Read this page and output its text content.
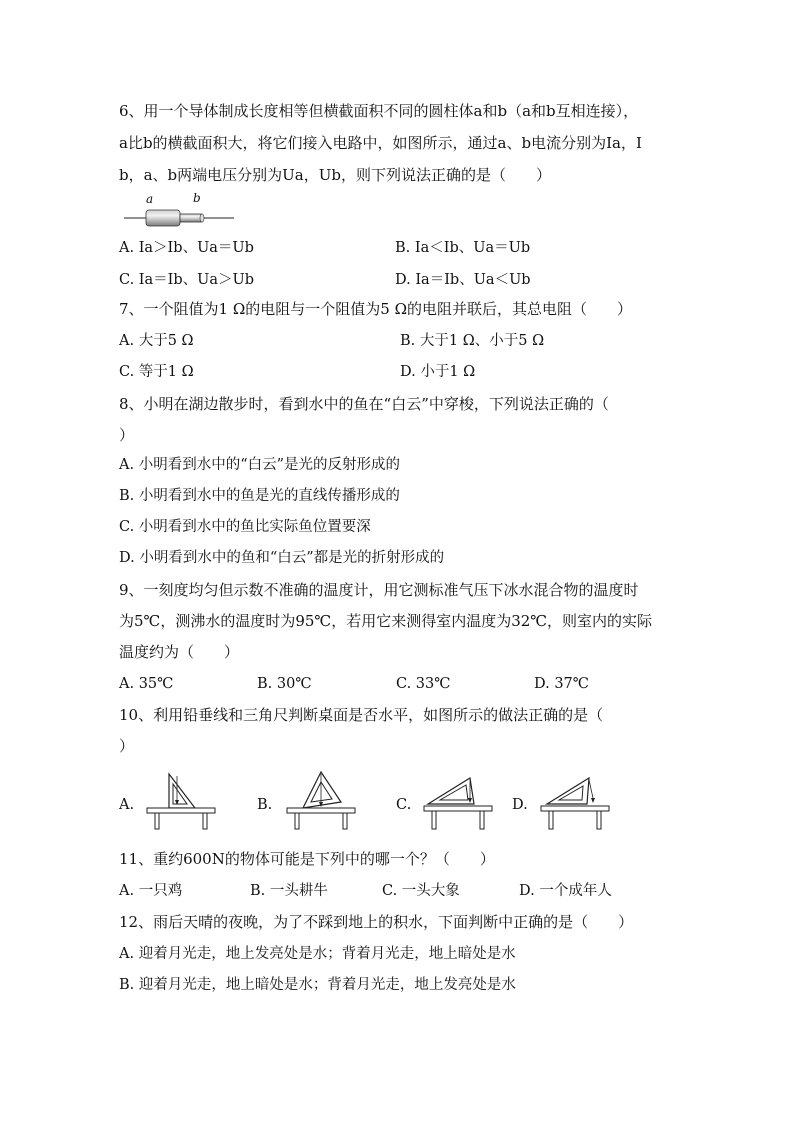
6、用一个导体制成长度相等但横截面积不同的圆柱体a和b（a和b互相连接），
a比b的横截面积大，将它们接入电路中，如图所示，通过a、b电流分别为Ia，I
b，a、b两端电压分别为Ua，Ub，则下列说法正确的是（　　）
a	b
A. Ia＞Ib、Ua＝Ub	B. Ia＜Ib、Ua＝Ub
C. Ia＝Ib、Ua＞Ub	D. Ia＝Ib、Ua＜Ub
7、一个阻值为1 Ω的电阻与一个阻值为5 Ω的电阻并联后，其总电阻（　　）
A. 大于5 Ω	B. 大于1 Ω、小于5 Ω
C. 等于1 Ω	D. 小于1 Ω
8、小明在湖边散步时，看到水中的鱼在“白云”中穿梭，下列说法正确的（
）
A. 小明看到水中的“白云”是光的反射形成的
B. 小明看到水中的鱼是光的直线传播形成的
C. 小明看到水中的鱼比实际鱼位置要深
D. 小明看到水中的鱼和“白云”都是光的折射形成的
9、一刻度均匀但示数不准确的温度计，用它测标准气压下冰水混合物的温度时
为5℃，测沸水的温度时为95℃，若用它来测得室内温度为32℃，则室内的实际
温度约为（　　）
A. 35℃	B. 30℃	C. 33℃	D. 37℃
10、利用铅垂线和三角尺判断桌面是否水平，如图所示的做法正确的是（
）
A.	B.	C.	D.
11、重约600N的物体可能是下列中的哪一个？（　　）
A. 一只鸡	B. 一头耕牛	C. 一头大象	D. 一个成年人
12、雨后天晴的夜晚，为了不踩到地上的积水，下面判断中正确的是（　　）
A. 迎着月光走，地上发亮处是水；背着月光走，地上暗处是水
B. 迎着月光走，地上暗处是水；背着月光走，地上发亮处是水
